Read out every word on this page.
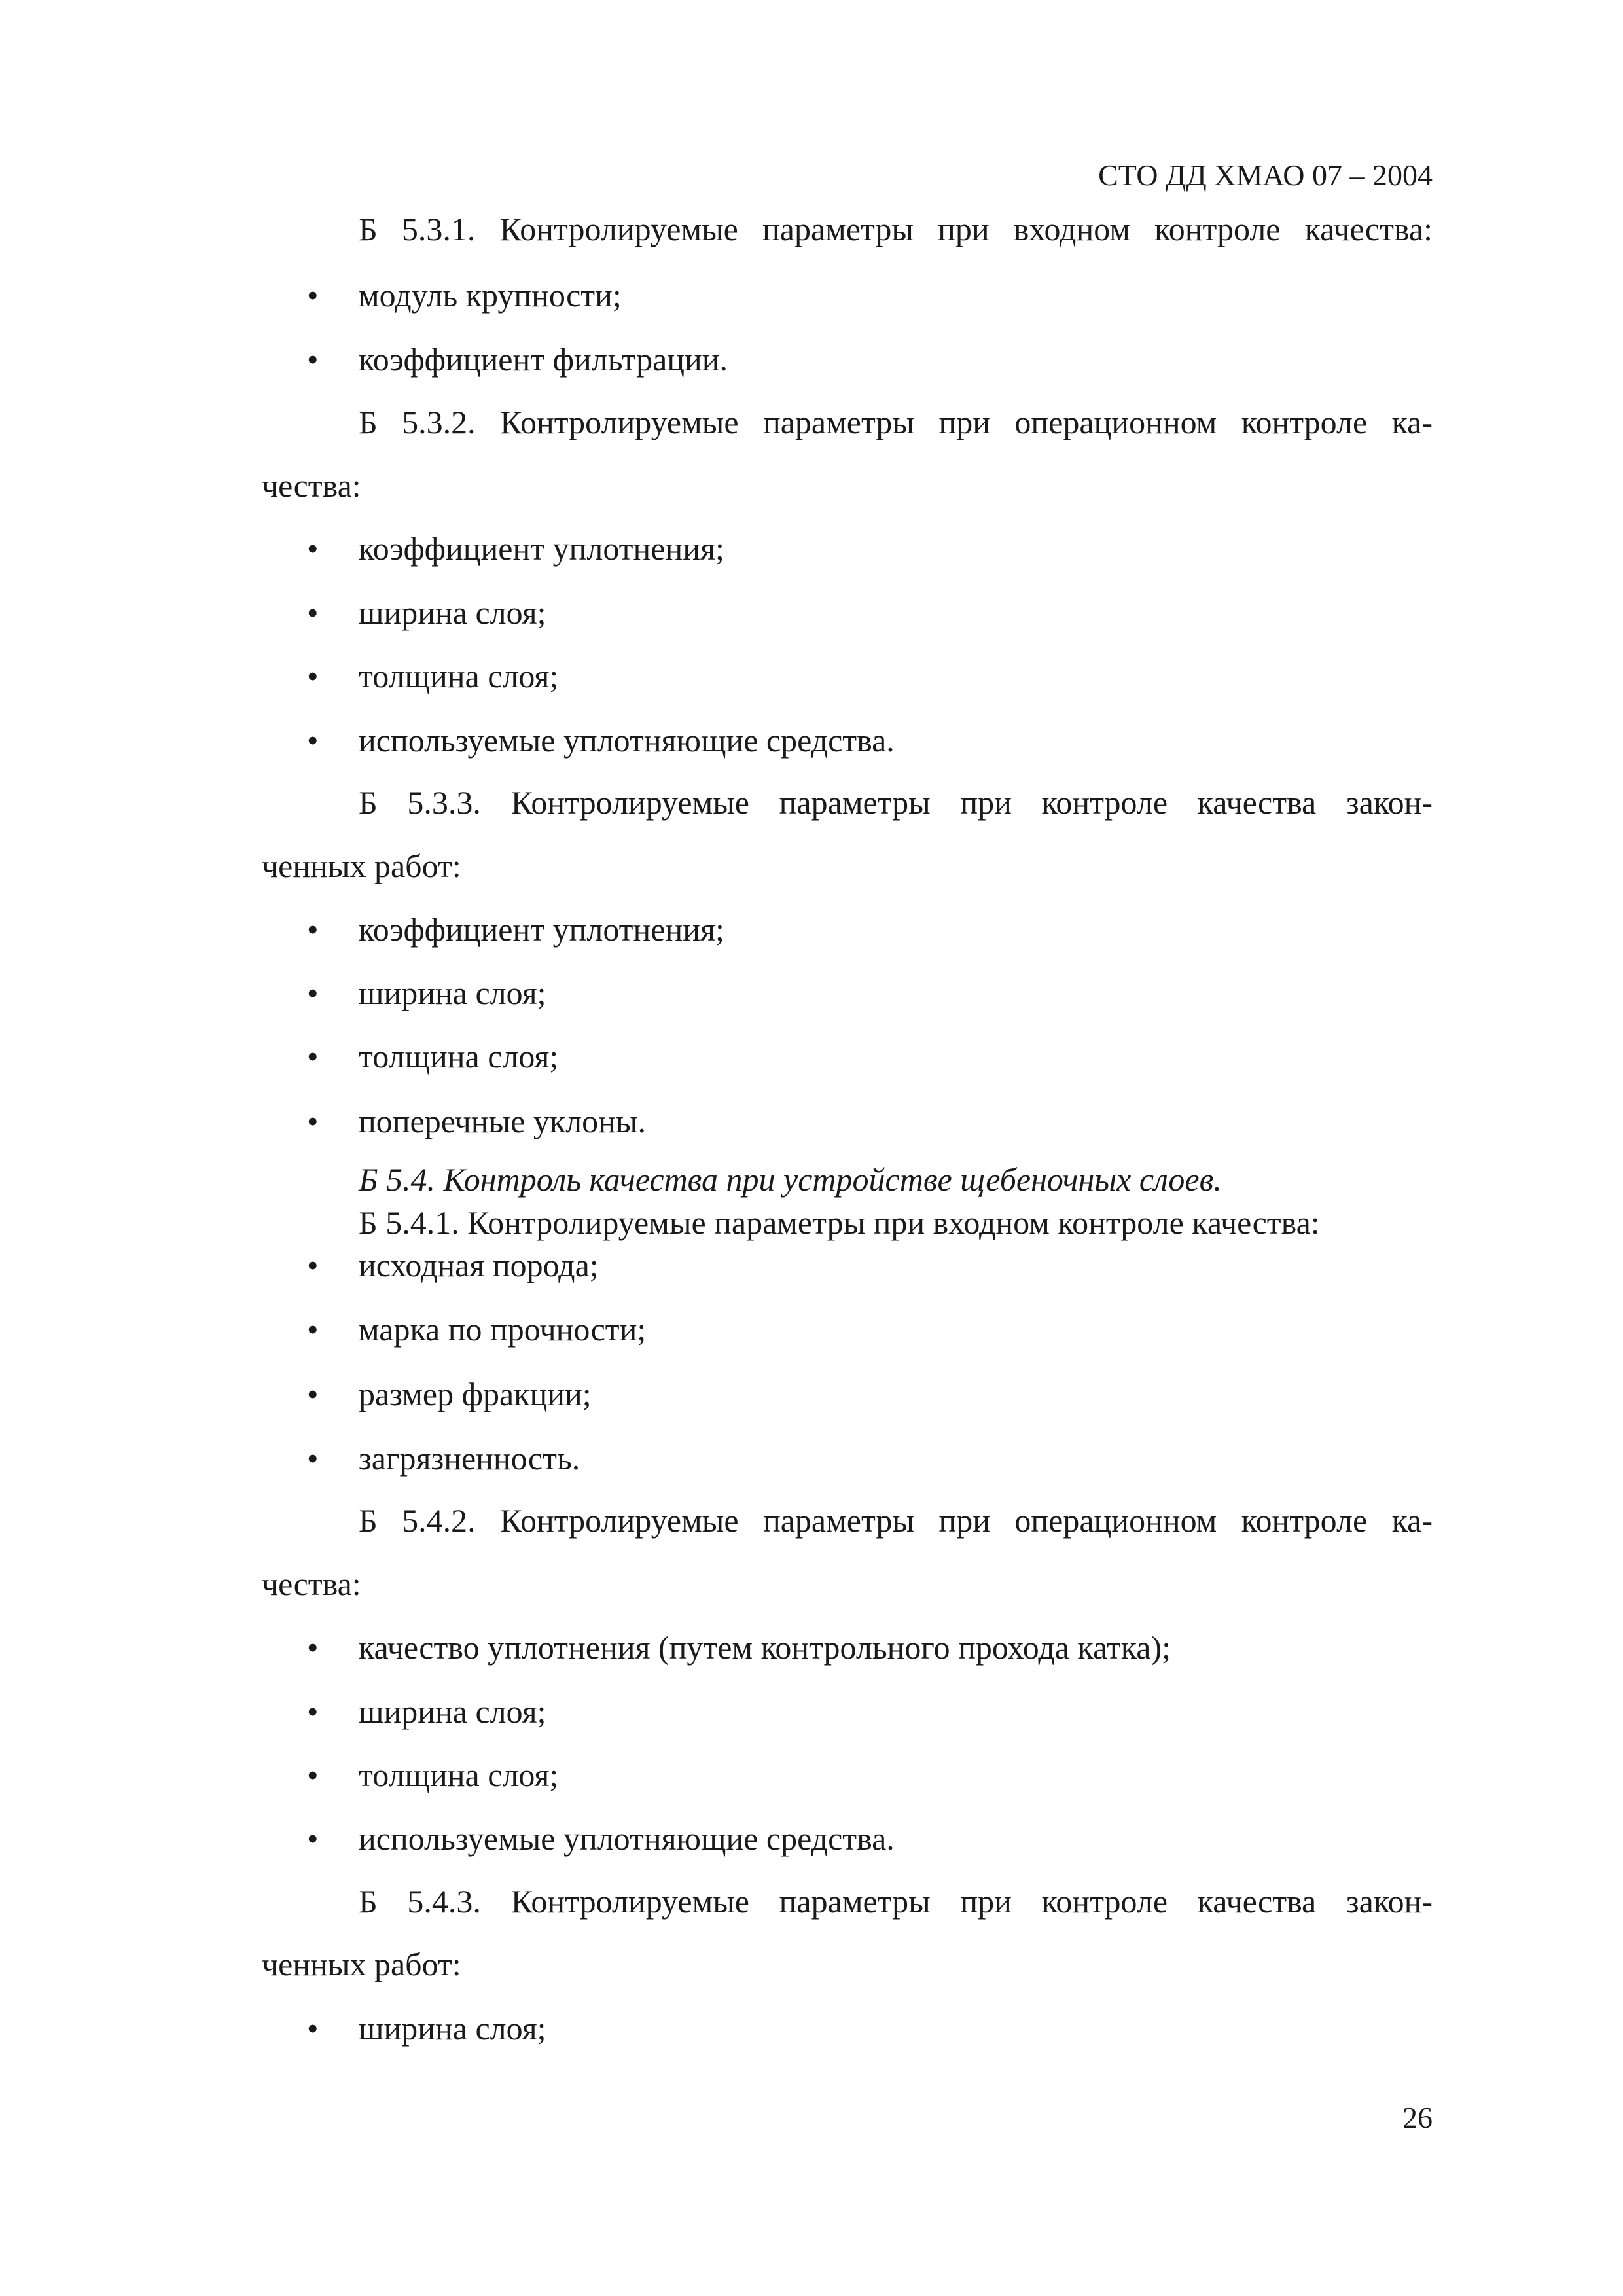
СТО ДД ХМАО 07 – 2004
Б 5.3.1. Контролируемые параметры при входном контроле качества:
• модуль крупности;
• коэффициент фильтрации.
Б 5.3.2. Контролируемые параметры при операционном контроле ка-
чества:
• коэффициент уплотнения;
• ширина слоя;
• толщина слоя;
• используемые уплотняющие средства.
Б 5.3.3. Контролируемые параметры при контроле качества закон-
ченных работ:
• коэффициент уплотнения;
• ширина слоя;
• толщина слоя;
• поперечные уклоны.
Б 5.4. Контроль качества при устройстве щебеночных слоев.
Б 5.4.1. Контролируемые параметры при входном контроле качества:
• исходная порода;
• марка по прочности;
• размер фракции;
• загрязненность.
Б 5.4.2. Контролируемые параметры при операционном контроле ка-
чества:
• качество уплотнения (путем контрольного прохода катка);
• ширина слоя;
• толщина слоя;
• используемые уплотняющие средства.
Б 5.4.3. Контролируемые параметры при контроле качества закон-
ченных работ:
• ширина слоя;
26
